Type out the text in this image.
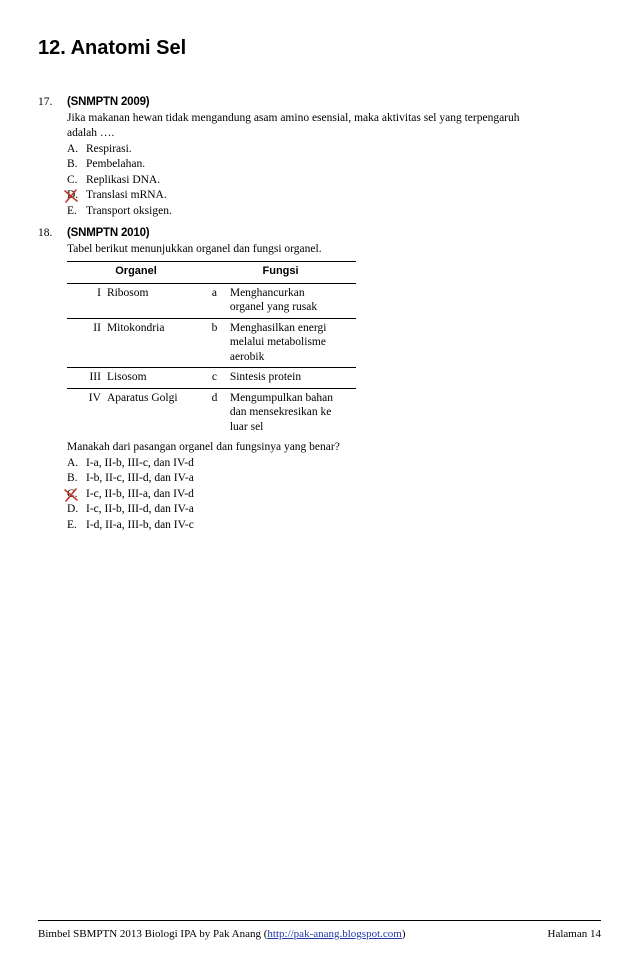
12. Anatomi Sel
17.	(SNMPTN 2009)
Jika makanan hewan tidak mengandung asam amino esensial, maka aktivitas sel yang terpengaruh
adalah ….
A. Respirasi.
B. Pembelahan.
C. Replikasi DNA.
D. Translasi mRNA.
E. Transport oksigen.
18.	(SNMPTN 2010)
Tabel berikut menunjukkan organel dan fungsi organel.
Organel		Fungsi	
I	Ribosom	a	Menghancurkan
organel yang rusak

II	Mitokondria	b	Menghasilkan energi
melalui metabolisme
aerobik

III	Lisosom	c	Sintesis protein

IV	Aparatus Golgi	d	Mengumpulkan bahan
dan mensekresikan ke
luar sel
Manakah dari pasangan organel dan fungsinya yang benar?
A. I-a, II-b, III-c, dan IV-d
B. I-b, II-c, III-d, dan IV-a
C. I-c, II-b, III-a, dan IV-d
D. I-c, II-b, III-d, dan IV-a
E. I-d, II-a, III-b, dan IV-c
Bimbel SBMPTN 2013 Biologi IPA by Pak Anang (http://pak-anang.blogspot.com)	Halaman 14
